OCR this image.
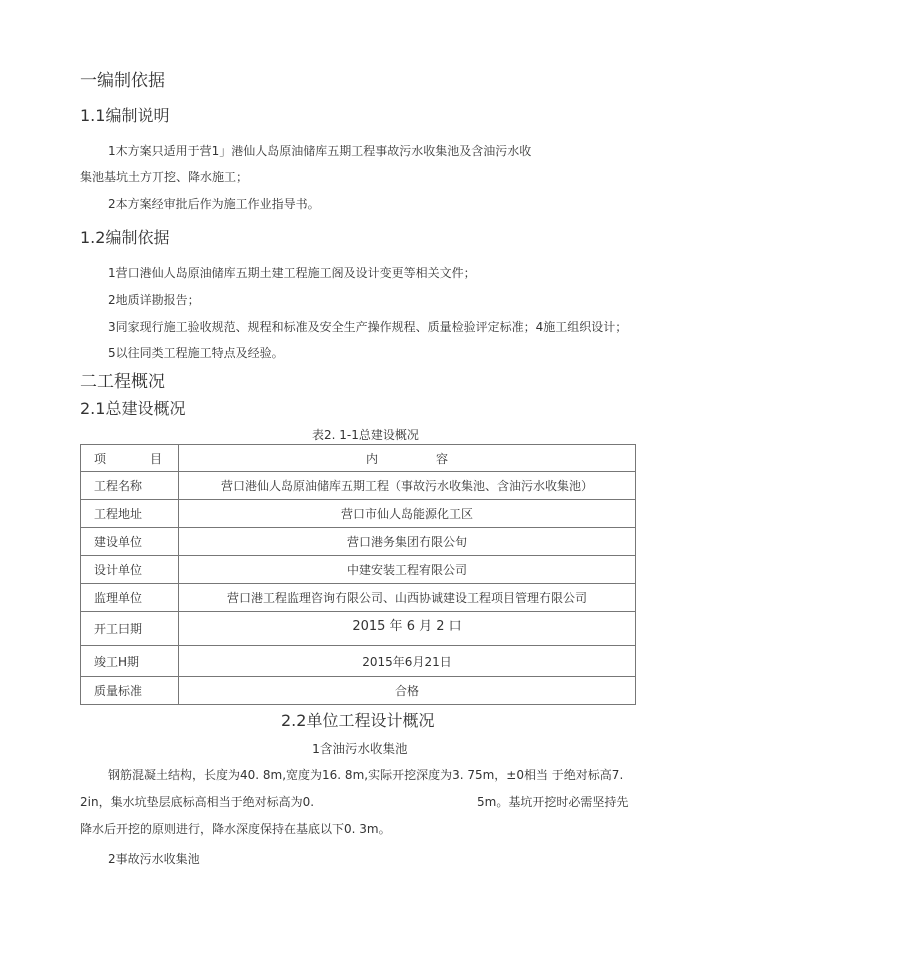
一编制依据
1.1编制说明
1木方案只适用于营1」港仙人岛原油储库五期工程事故污水收集池及含油污水收
集池基坑土方丌挖、降水施工；
2本方案经审批后作为施工作业指导书。
1.2编制依据
1营口港仙人岛原油储库五期土建工程施工阁及设计变更等相关文件；
2地质详勘报告；
3同家现行施工验收规范、规程和标准及安全生产操作规程、质量检验评定标准；4施工组织设计；
5以往同类工程施工特点及经验。
二工程概况
2.1总建设概况
表2. 1-1总建设概况
项 目	内 容
工程名称	营口港仙人岛原油储库五期工程（事故污水收集池、含油污水收集池）
工程地址	营口市仙人岛能源化工区
建设单位	营口港务集团冇限公旬
设计单位	中建安装工程宥限公司
监理单位	营口港工程监理咨询冇限公司、山西协诚建设工程项目管理冇限公司
开工曰期	2015 年 6 月 2 口
竣工H期	2015年6月21日
质量标准	合格
2.2单位工程设计概况
1含油污水收集池
钢筋混凝土结构，长度为40. 8m,宽度为16. 8m,实际开挖深度为3. 75m，±0相当 于绝对标高7.
2in，集水坑垫层底标高相当于绝对标高为0.	5m。基坑开挖时必需坚持先
降水后开挖的原则进行，降水深度保持在基底以下0. 3m。
2事故污水收集池
